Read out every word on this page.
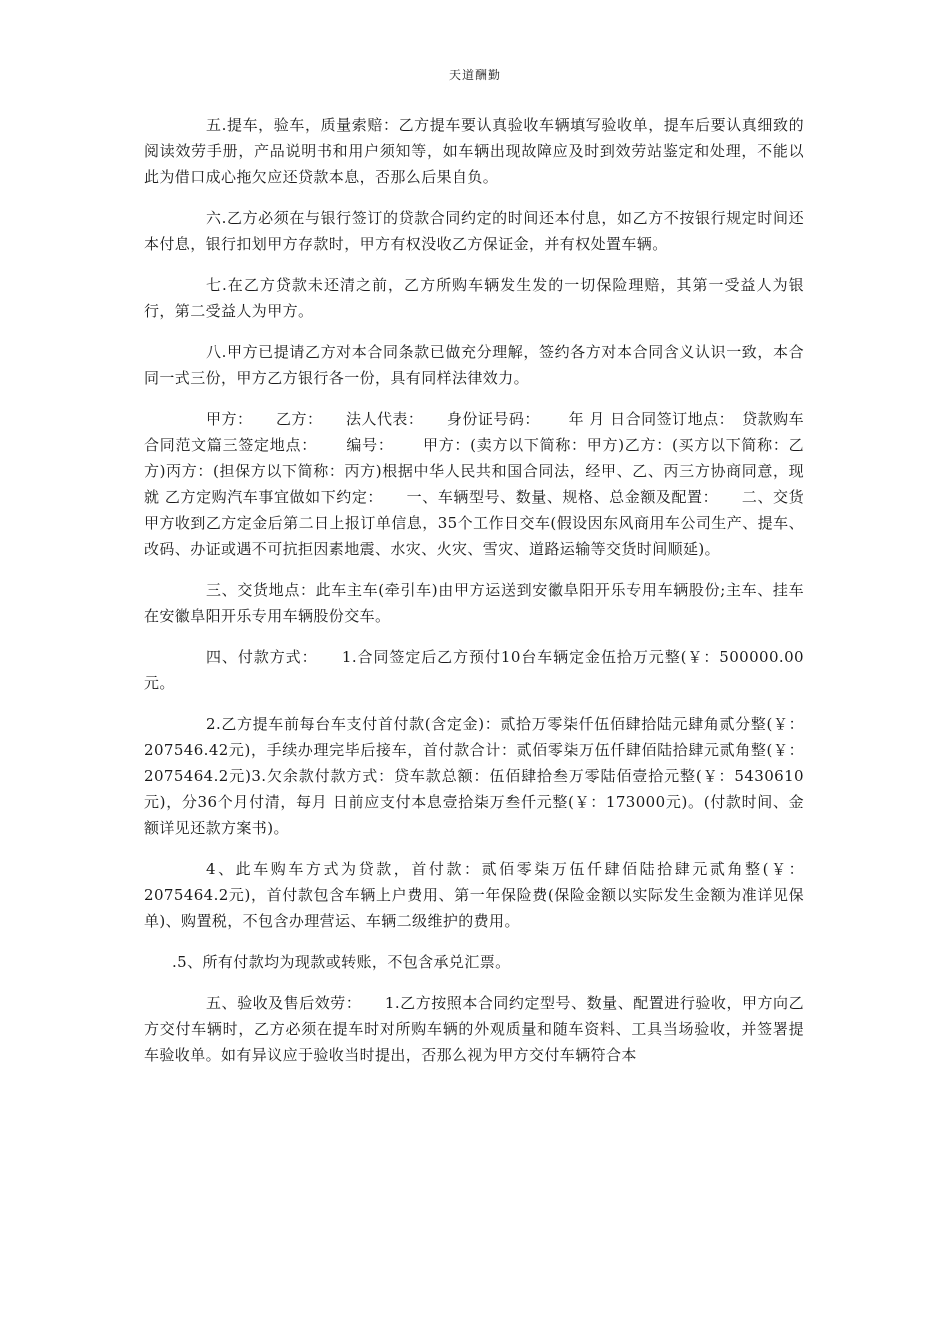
天道酬勤

五.提车，验车，质量索赔：乙方提车要认真验收车辆填写验收单，提车后要认真细致的阅读效劳手册，产品说明书和用户须知等，如车辆出现故障应及时到效劳站鉴定和处理，不能以此为借口成心拖欠应还贷款本息，否那么后果自负。

六.乙方必须在与银行签订的贷款合同约定的时间还本付息，如乙方不按银行规定时间还本付息，银行扣划甲方存款时，甲方有权没收乙方保证金，并有权处置车辆。

七.在乙方贷款未还清之前，乙方所购车辆发生发的一切保险理赔，其第一受益人为银行，第二受益人为甲方。

八.甲方已提请乙方对本合同条款已做充分理解，签约各方对本合同含义认识一致，本合同一式三份，甲方乙方银行各一份，具有同样法律效力。

甲方：　　乙方：　　法人代表：　　身份证号码：　　 年 月 日合同签订地点：　贷款购车合同范文篇三签定地点：　　 编号：　　 甲方：(卖方以下简称：甲方)乙方：(买方以下简称：乙方)丙方：(担保方以下简称：丙方)根据中华人民共和国合同法，经甲、乙、丙三方协商同意，现就 乙方定购汽车事宜做如下约定：　　一、车辆型号、数量、规格、总金额及配置：　　二、交货甲方收到乙方定金后第二日上报订单信息，35个工作日交车(假设因东风商用车公司生产、提车、改码、办证或遇不可抗拒因素地震、水灾、火灾、雪灾、道路运输等交货时间顺延)。

三、交货地点：此车主车(牵引车)由甲方运送到安徽阜阳开乐专用车辆股份;主车、挂车在安徽阜阳开乐专用车辆股份交车。

四、付款方式：　　1.合同签定后乙方预付10台车辆定金伍拾万元整(￥：500000.00元。

2.乙方提车前每台车支付首付款(含定金)：贰拾万零柒仟伍佰肆拾陆元肆角贰分整(￥：207546.42元)，手续办理完毕后接车，首付款合计：贰佰零柒万伍仟肆佰陆拾肆元贰角整(￥：2075464.2元)3.欠余款付款方式：贷车款总额：伍佰肆拾叁万零陆佰壹拾元整(￥：5430610元)，分36个月付清，每月 日前应支付本息壹拾柒万叁仟元整(￥：173000元)。(付款时间、金额详见还款方案书)。

4、此车购车方式为贷款，首付款：贰佰零柒万伍仟肆佰陆拾肆元贰角整(￥：2075464.2元)，首付款包含车辆上户费用、第一年保险费(保险金额以实际发生金额为准详见保单)、购置税，不包含办理营运、车辆二级维护的费用。

.5、所有付款均为现款或转账，不包含承兑汇票。

五、验收及售后效劳：　　1.乙方按照本合同约定型号、数量、配置进行验收，甲方向乙方交付车辆时，乙方必须在提车时对所购车辆的外观质量和随车资料、工具当场验收，并签署提车验收单。如有异议应于验收当时提出，否那么视为甲方交付车辆符合本
